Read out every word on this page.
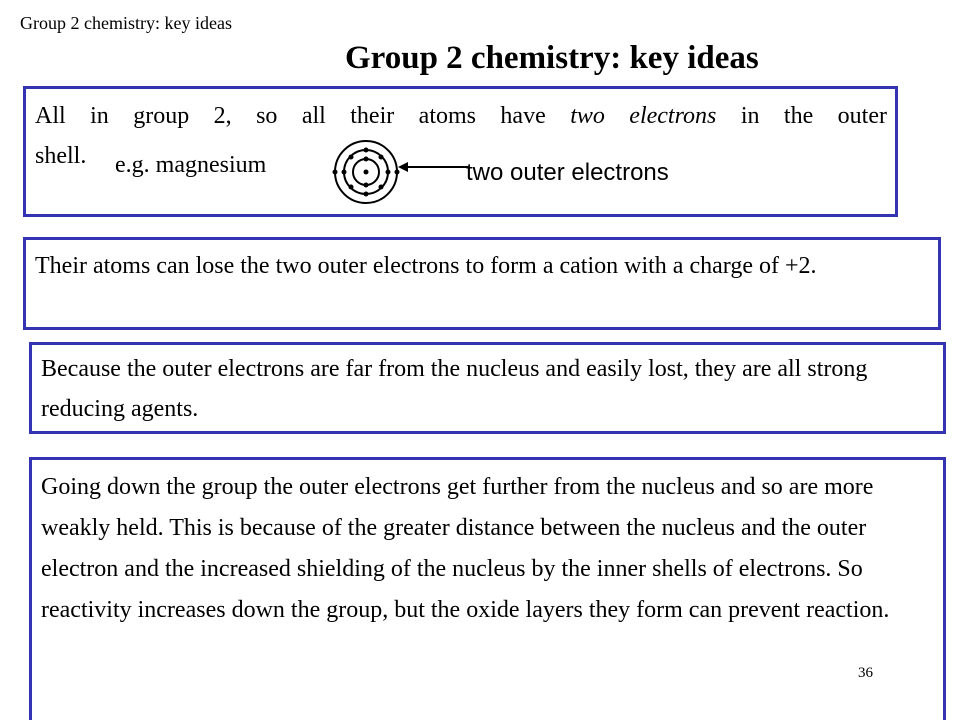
Group 2 chemistry: key ideas
Group 2 chemistry: key ideas

All in group 2, so all their atoms have two electrons in the outer

shell. e.g. magnesium	two outer electrons

Their atoms can lose the two outer electrons to form a cation with a charge of +2.

Because the outer electrons are far from the nucleus and easily lost, they are all strong reducing agents.

Going down the group the outer electrons get further from the nucleus and so are more weakly held. This is because of the greater distance between the nucleus and the outer electron and the increased shielding of the nucleus by the inner shells of electrons. So reactivity increases down the group, but the oxide layers they form can prevent reaction.

36
